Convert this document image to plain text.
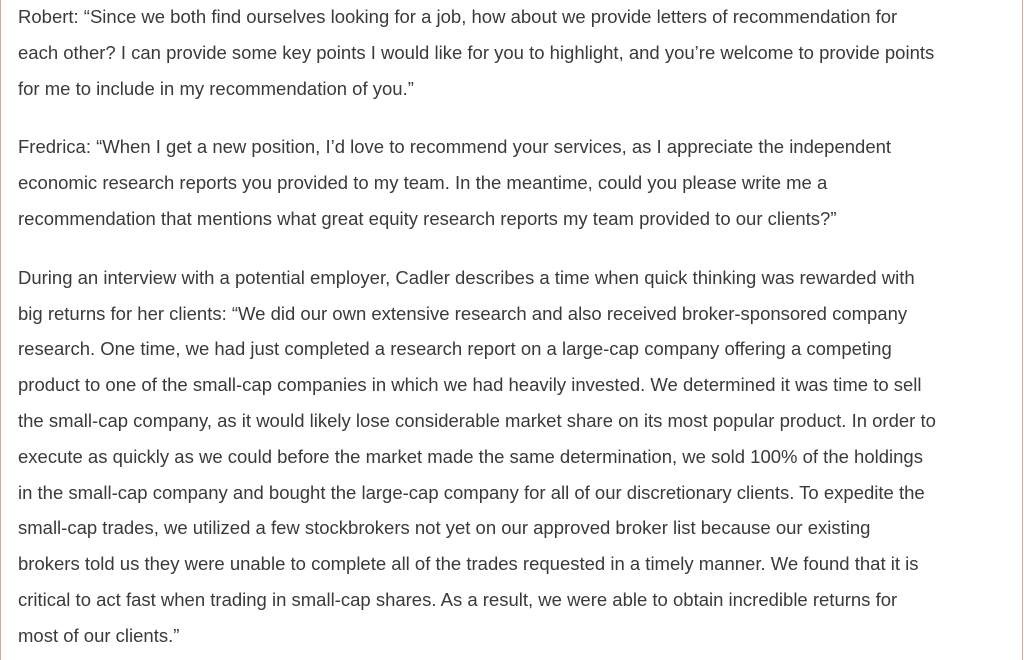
Robert: “Since we both find ourselves looking for a job, how about we provide letters of recommendation for
each other? I can provide some key points I would like for you to highlight, and you’re welcome to provide points
for me to include in my recommendation of you.”

Fredrica: “When I get a new position, I’d love to recommend your services, as I appreciate the independent
economic research reports you provided to my team. In the meantime, could you please write me a
recommendation that mentions what great equity research reports my team provided to our clients?”

During an interview with a potential employer, Cadler describes a time when quick thinking was rewarded with
big returns for her clients: “We did our own extensive research and also received broker-sponsored company
research. One time, we had just completed a research report on a large-cap company offering a competing
product to one of the small-cap companies in which we had heavily invested. We determined it was time to sell
the small-cap company, as it would likely lose considerable market share on its most popular product. In order to
execute as quickly as we could before the market made the same determination, we sold 100% of the holdings
in the small-cap company and bought the large-cap company for all of our discretionary clients. To expedite the
small-cap trades, we utilized a few stockbrokers not yet on our approved broker list because our existing
brokers told us they were unable to complete all of the trades requested in a timely manner. We found that it is
critical to act fast when trading in small-cap shares. As a result, we were able to obtain incredible returns for
most of our clients.”
